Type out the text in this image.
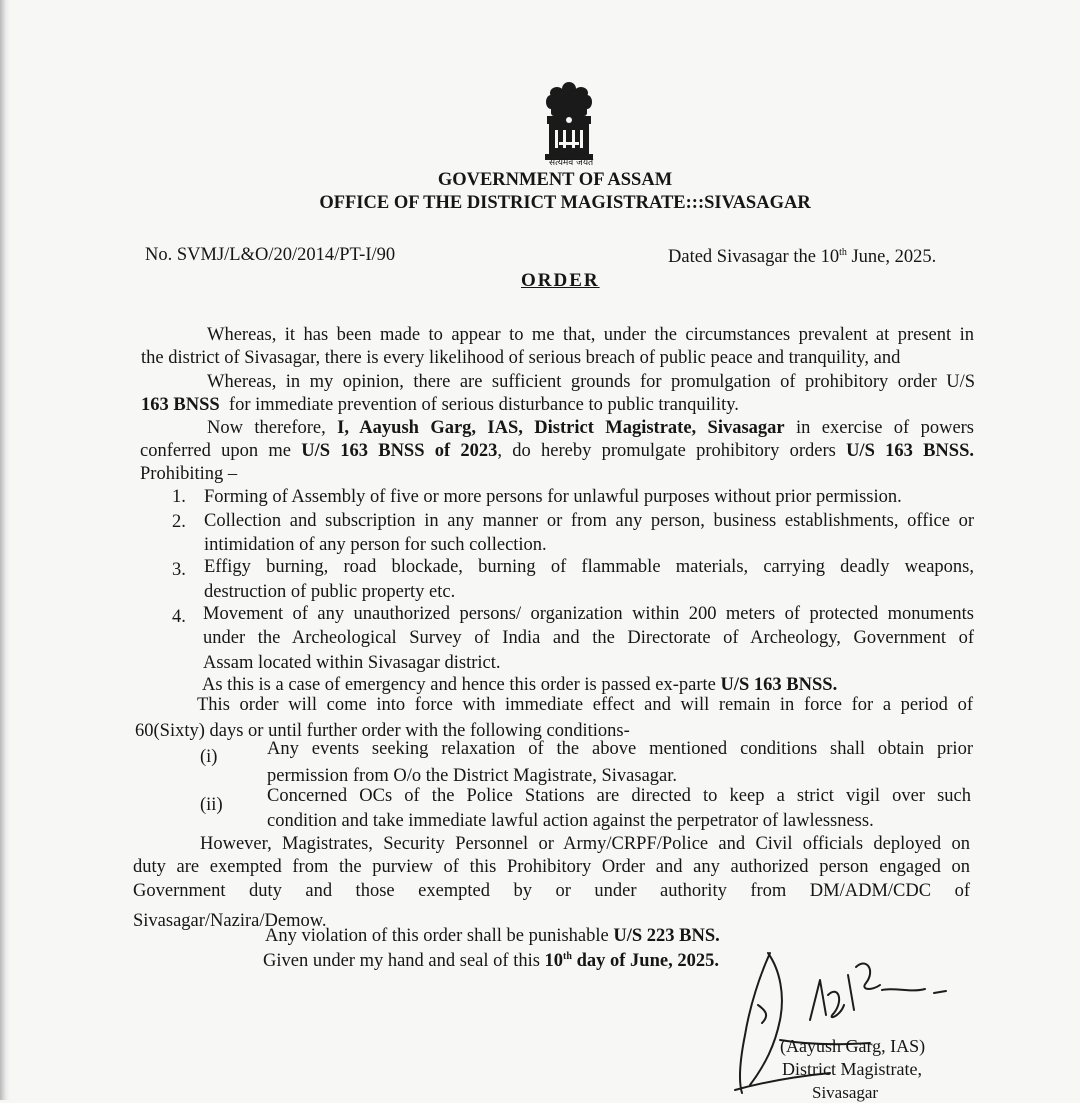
सत्यमेव जयते
GOVERNMENT OF ASSAM
OFFICE OF THE DISTRICT MAGISTRATE:::SIVASAGAR
No. SVMJ/L&O/20/2014/PT-I/90	Dated Sivasagar the 10th June, 2025.
ORDER
Whereas, it has been made to appear to me that, under the circumstances prevalent at present in
the district of Sivasagar, there is every likelihood of serious breach of public peace and tranquility, and
Whereas, in my opinion, there are sufficient grounds for promulgation of prohibitory order U/S
163 BNSS  for immediate prevention of serious disturbance to public tranquility.
Now therefore, I, Aayush Garg, IAS, District Magistrate, Sivasagar in exercise of powers
conferred upon me U/S 163 BNSS of 2023, do hereby promulgate prohibitory orders U/S 163 BNSS.
Prohibiting –
1. Forming of Assembly of five or more persons for unlawful purposes without prior permission.
2. Collection and subscription in any manner or from any person, business establishments, office or
intimidation of any person for such collection.
3. Effigy burning, road blockade, burning of flammable materials, carrying deadly weapons,
destruction of public property etc.
4. Movement of any unauthorized persons/ organization within 200 meters of protected monuments
under the Archeological Survey of India and the Directorate of Archeology, Government of
Assam located within Sivasagar district.
As this is a case of emergency and hence this order is passed ex-parte U/S 163 BNSS.
This order will come into force with immediate effect and will remain in force for a period of
60(Sixty) days or until further order with the following conditions-
(i)	Any events seeking relaxation of the above mentioned conditions shall obtain prior
permission from O/o the District Magistrate, Sivasagar.
(ii) Concerned OCs of the Police Stations are directed to keep a strict vigil over such
condition and take immediate lawful action against the perpetrator of lawlessness.
However, Magistrates, Security Personnel or Army/CRPF/Police and Civil officials deployed on
duty are exempted from the purview of this Prohibitory Order and any authorized person engaged on
Government  duty  and  those  exempted  by  or  under  authority  from  DM/ADM/CDC  of
Sivasagar/Nazira/Demow.
Any violation of this order shall be punishable U/S 223 BNS.
Given under my hand and seal of this 10th day of June, 2025.
(Aayush Garg, IAS)
District Magistrate,
Sivasagar
